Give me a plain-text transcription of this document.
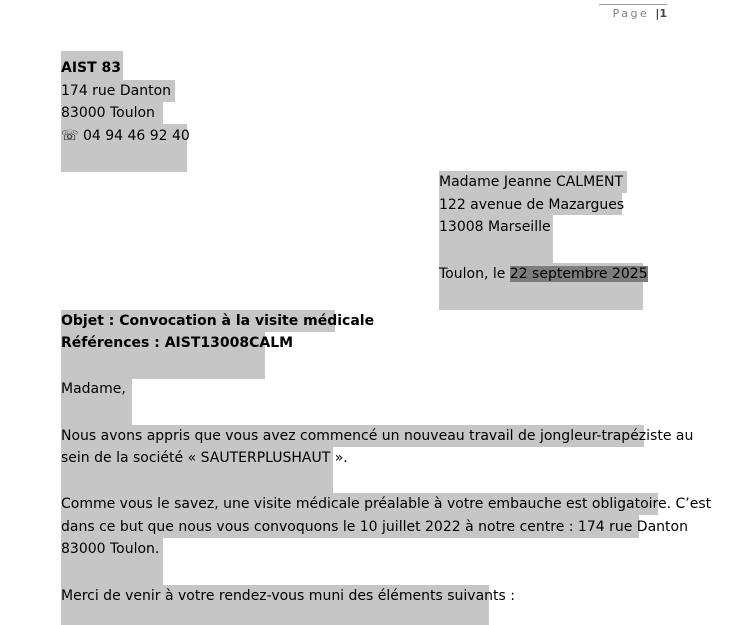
Page |1
AIST 83
174 rue Danton
83000 Toulon
☏ 04 94 46 92 40
Madame Jeanne CALMENT
122 avenue de Mazargues
13008 Marseille
Toulon, le 22 septembre 2025
Objet : Convocation à la visite médicale
Références : AIST13008CALM
Madame,
Nous avons appris que vous avez commencé un nouveau travail de jongleur-trapéziste au
sein de la société « SAUTERPLUSHAUT ».
Comme vous le savez, une visite médicale préalable à votre embauche est obligatoire. C’est
dans ce but que nous vous convoquons le 10 juillet 2022 à notre centre : 174 rue Danton
83000 Toulon.
Merci de venir à votre rendez-vous muni des éléments suivants :
